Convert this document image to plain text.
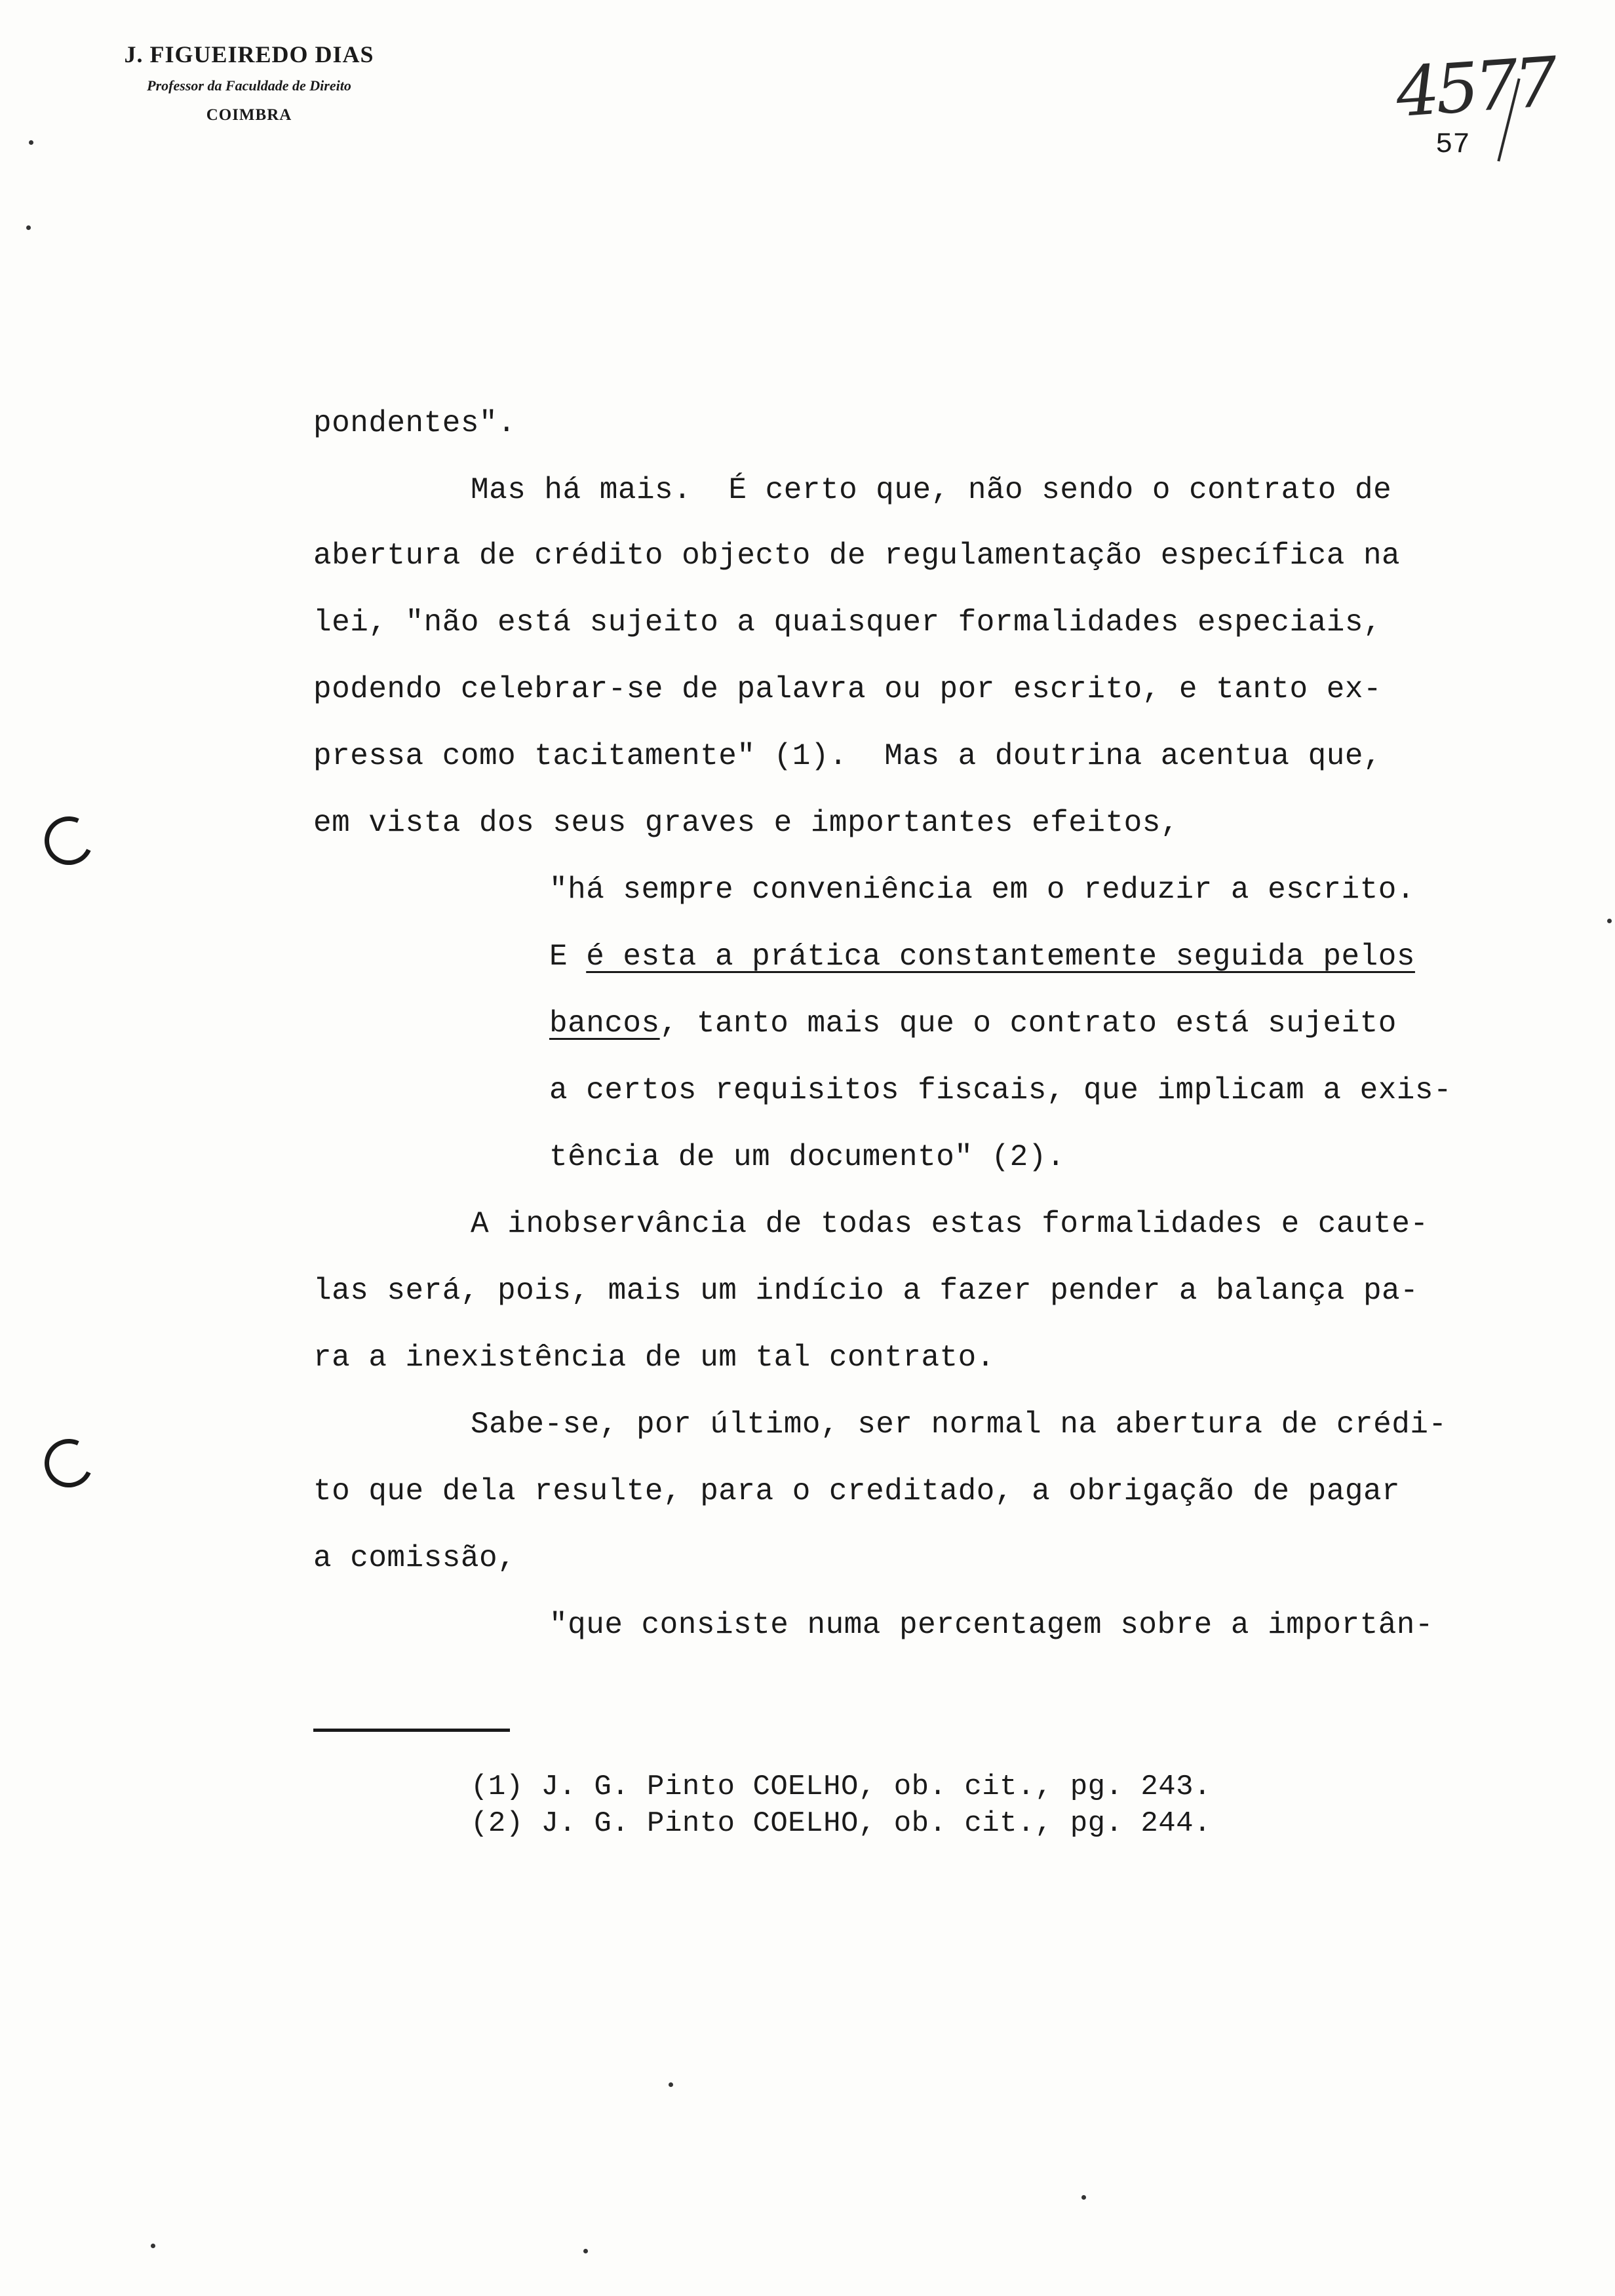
J. FIGUEIREDO DIAS
Professor da Faculdade de Direito
COIMBRA	4577
57
pondentes".
Mas há mais.  É certo que, não sendo o contrato de
abertura de crédito objecto de regulamentação específica na
lei, "não está sujeito a quaisquer formalidades especiais,
podendo celebrar-se de palavra ou por escrito, e tanto ex-
pressa como tacitamente" (1).  Mas a doutrina acentua que,
em vista dos seus graves e importantes efeitos,
"há sempre conveniência em o reduzir a escrito.
E é esta a prática constantemente seguida pelos
bancos, tanto mais que o contrato está sujeito
a certos requisitos fiscais, que implicam a exis-
tência de um documento" (2).
A inobservância de todas estas formalidades e caute-
las será, pois, mais um indício a fazer pender a balança pa-
ra a inexistência de um tal contrato.
Sabe-se, por último, ser normal na abertura de crédi-
to que dela resulte, para o creditado, a obrigação de pagar
a comissão,
"que consiste numa percentagem sobre a importân-
(1) J. G. Pinto COELHO, ob. cit., pg. 243.
(2) J. G. Pinto COELHO, ob. cit., pg. 244.
